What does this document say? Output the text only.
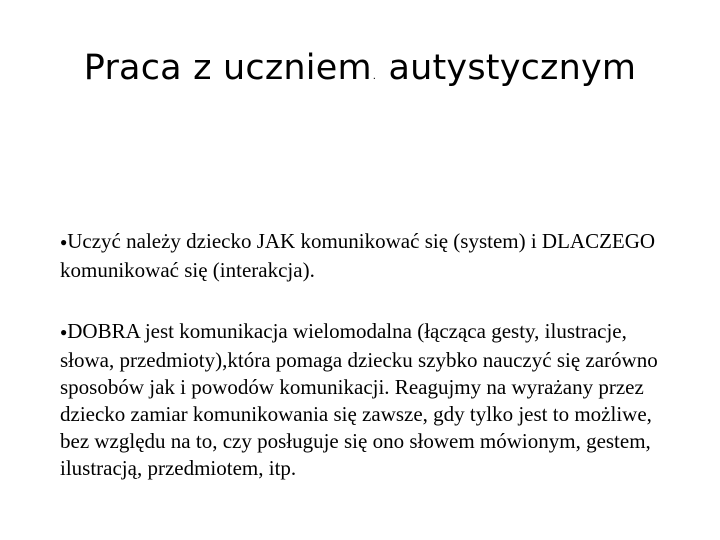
Praca z uczniem. autystycznym
●Uczyć należy dziecko JAK komunikować się (system) i DLACZEGO komunikować się (interakcja).
●DOBRA jest komunikacja wielomodalna (łącząca gesty, ilustracje, słowa, przedmioty),która pomaga dziecku szybko nauczyć się zarówno sposobów jak i powodów komunikacji. Reagujmy na wyrażany przez dziecko zamiar komunikowania się zawsze, gdy tylko jest to możliwe, bez względu na to, czy posługuje się ono słowem mówionym, gestem, ilustracją, przedmiotem, itp.
